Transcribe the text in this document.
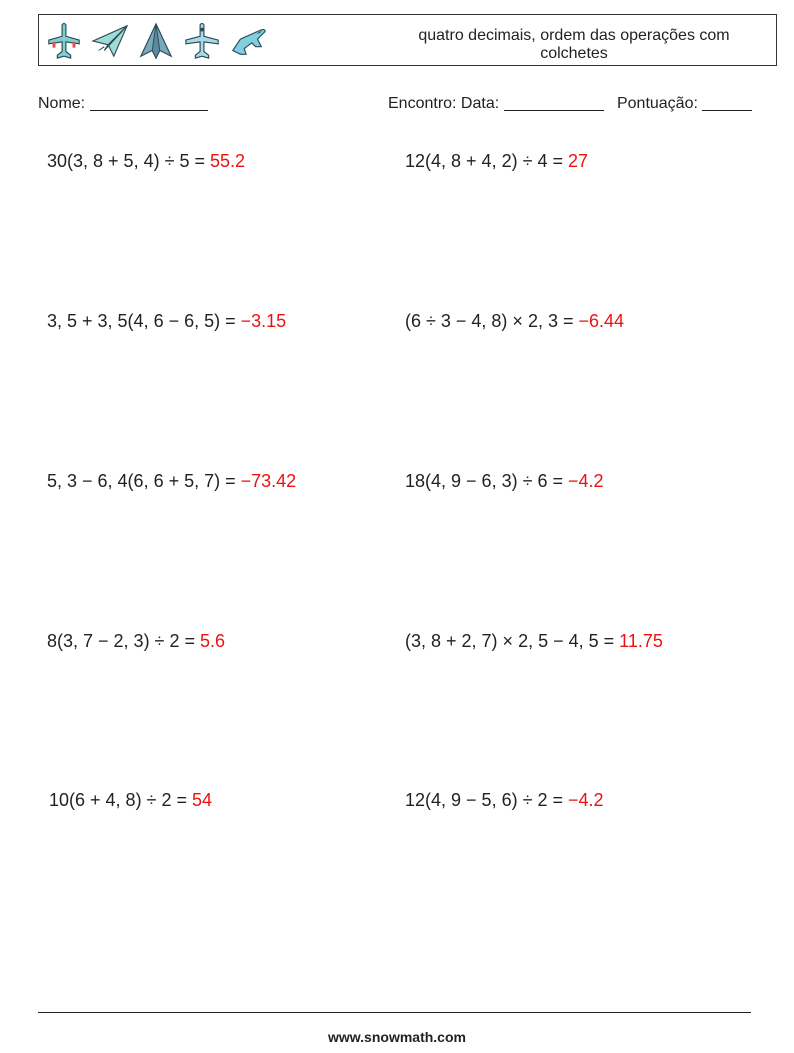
quatro decimais, ordem das operações com colchetes
Nome:	Encontro: Data:	Pontuação:
30(3, 8 + 5, 4) ÷ 5 = 55.2	12(4, 8 + 4, 2) ÷ 4 = 27
3, 5 + 3, 5(4, 6 − 6, 5) = −3.15	(6 ÷ 3 − 4, 8) × 2, 3 = −6.44
5, 3 − 6, 4(6, 6 + 5, 7) = −73.42	18(4, 9 − 6, 3) ÷ 6 = −4.2
8(3, 7 − 2, 3) ÷ 2 = 5.6	(3, 8 + 2, 7) × 2, 5 − 4, 5 = 11.75
10(6 + 4, 8) ÷ 2 = 54	12(4, 9 − 5, 6) ÷ 2 = −4.2
www.snowmath.com
